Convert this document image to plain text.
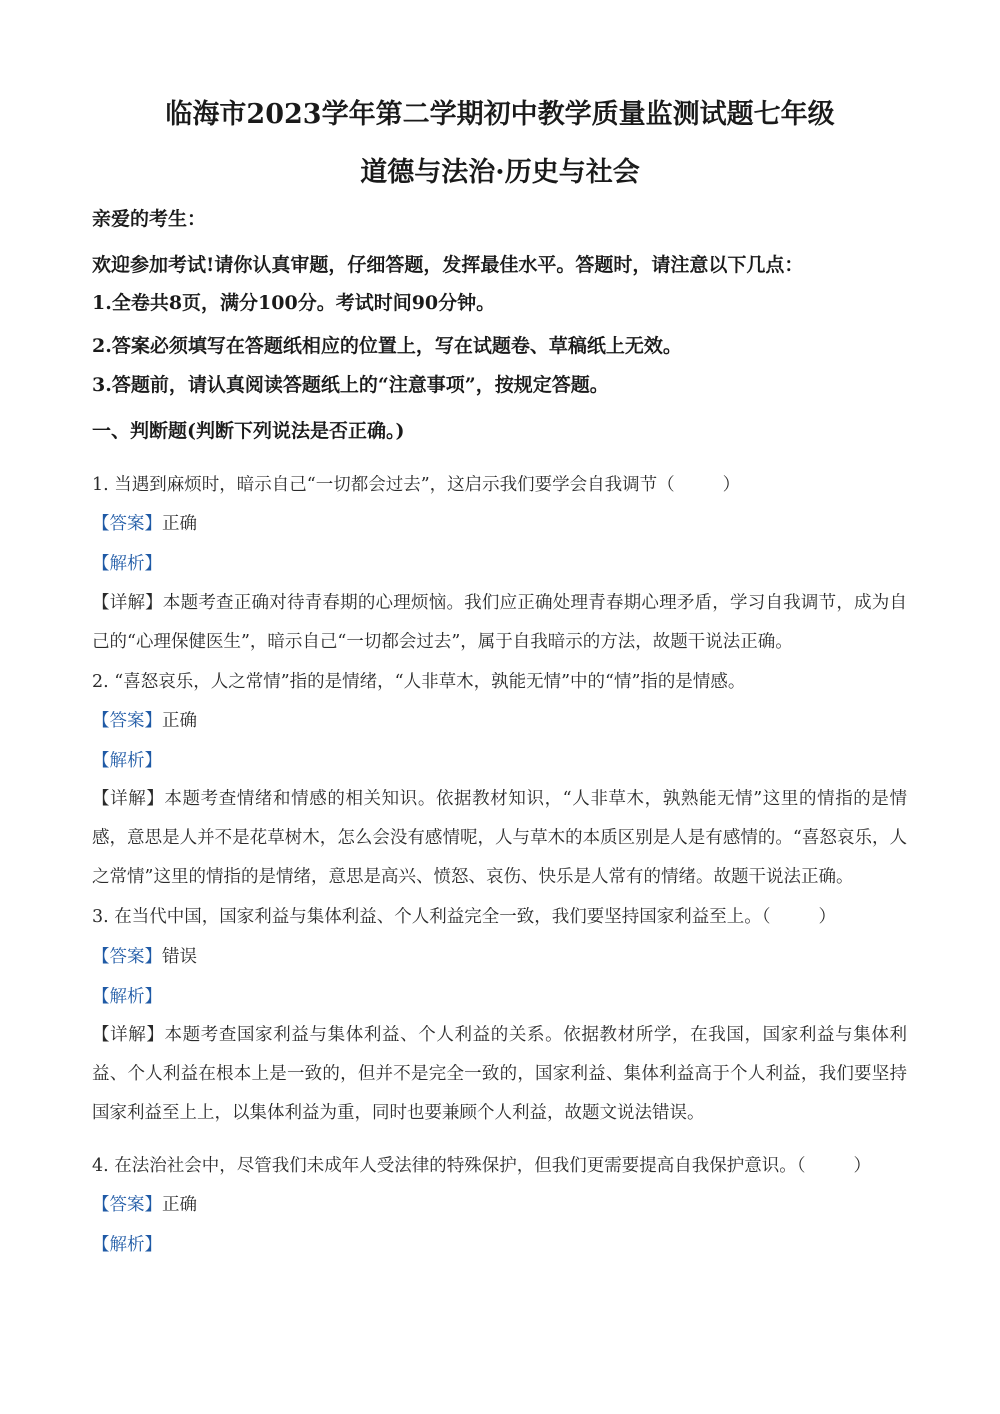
临海市2023学年第二学期初中教学质量监测试题七年级
道德与法治·历史与社会
亲爱的考生：
欢迎参加考试!请你认真审题，仔细答题，发挥最佳水平。答题时，请注意以下几点：
1.全卷共8页，满分100分。考试时间90分钟。
2.答案必须填写在答题纸相应的位置上，写在试题卷、草稿纸上无效。
3.答题前，请认真阅读答题纸上的“注意事项”，按规定答题。
一、判断题(判断下列说法是否正确。)
1. 当遇到麻烦时，暗示自己“一切都会过去”，这启示我们要学会自我调节（	）
【答案】正确
【解析】
【详解】本题考查正确对待青春期的心理烦恼。我们应正确处理青春期心理矛盾，学习自我调节，成为自己的“心理保健医生”，暗示自己“一切都会过去”，属于自我暗示的方法，故题干说法正确。
2. “喜怒哀乐，人之常情”指的是情绪，“人非草木，孰能无情”中的“情”指的是情感。
【答案】正确
【解析】
【详解】本题考查情绪和情感的相关知识。依据教材知识，“人非草木，孰熟能无情”这里的情指的是情感，意思是人并不是花草树木，怎么会没有感情呢，人与草木的本质区别是人是有感情的。“喜怒哀乐，人之常情”这里的情指的是情绪，意思是高兴、愤怒、哀伤、快乐是人常有的情绪。故题干说法正确。
3. 在当代中国，国家利益与集体利益、个人利益完全一致，我们要坚持国家利益至上。（	）
【答案】错误
【解析】
【详解】本题考查国家利益与集体利益、个人利益的关系。依据教材所学，在我国，国家利益与集体利益、个人利益在根本上是一致的，但并不是完全一致的，国家利益、集体利益高于个人利益，我们要坚持国家利益至上上，以集体利益为重，同时也要兼顾个人利益，故题文说法错误。
4. 在法治社会中，尽管我们未成年人受法律的特殊保护，但我们更需要提高自我保护意识。（	）
【答案】正确
【解析】
